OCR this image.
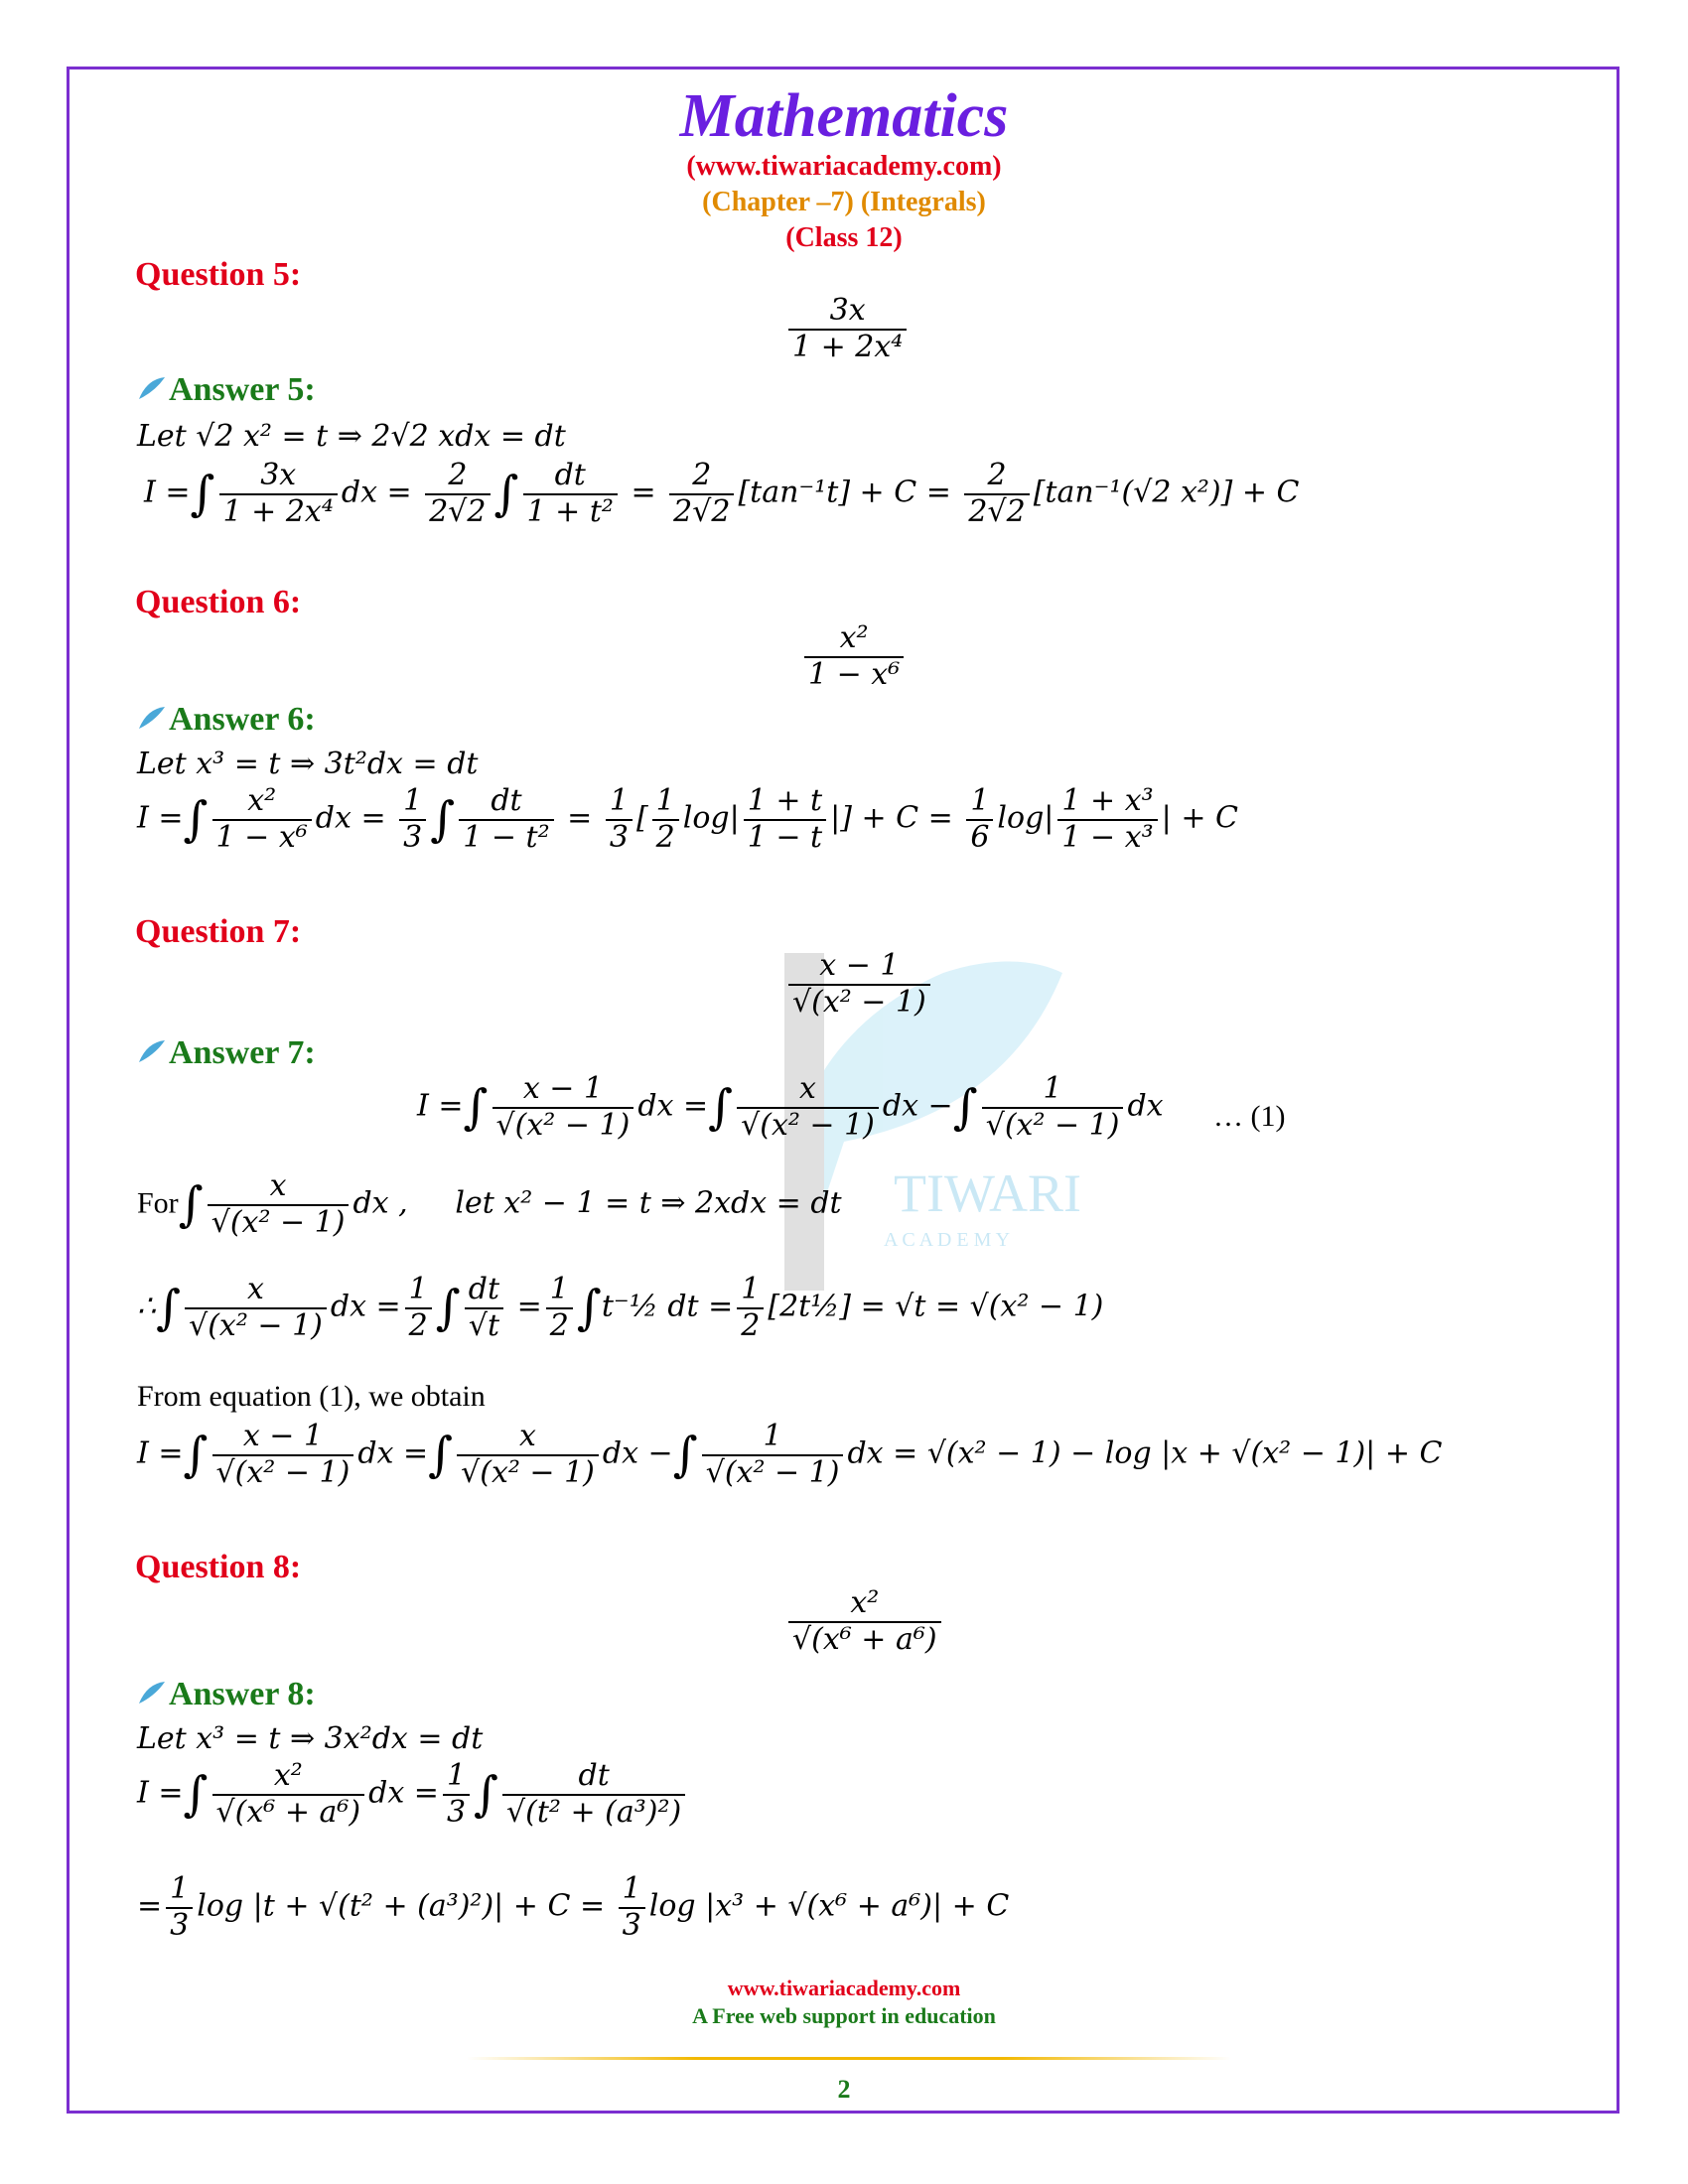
TIWARI
A C A D E M Y
Mathematics
(www.tiwariacademy.com)
(Chapter –7) (Integrals)
(Class 12)
Question 5:
$\frac{3x}{\text{1 + 2x⁴}}$
Answer 5:
Let √2 x² = t ⇒ 2√2 xdx = dt
I =∫ $\frac{3x}{\text{1 + 2x⁴}}$ dx = $\frac{2}{2√2}$ ∫ $\frac{dt}{\text{1 + t²}} = \frac{2}{2√2} [\tan^{-1}t] + C = \frac{2}{2√2} [\tan^{-1}(√2$ x²)] + C
Question 6:
$\frac{\text{x²}}{\text{1 − x⁶}}$
Answer 6:
Let x³ = t ⇒ 3t²dx = dt
I =∫ $\frac{\text{x²}}{\text{1 − x⁶}}$ dx = $\frac{1}{3}$ ∫ $\frac{dt}{\text{1 − t²}} = \frac{1}{3}$ [ $\frac{1}{2} \log| \frac{1 + t}{1 - t}$ |] + $C = \frac{1}{6} \log| \frac{\text{1 + x³}}{\text{1 − x³}}$ | + C
Question 7:
$\frac{x - 1}{\text{√(x² − 1)}}$
Answer 7:
I =∫ $\frac{x - 1}{\text{√(x² − 1)}}$ dx =∫ $\frac{x}{\text{√(x² − 1)}}$ dx −∫ $\frac{1}{\text{√(x² − 1)}}$ dx … (1)
$For\int \frac{x}{\text{√(x² − 1)}}$ dx ,     let x² − 1 = t ⇒ 2xdx = dt
∴∫ $\frac{x}{\text{√(x² − 1)}}$ dx = $\frac{1}{2}$ ∫ $\frac{dt}{√t} = \frac{1}{2}$ ∫t⁻½ dt = $\frac{1}{2}$ [2t½] = √t = √(x² − 1)
From equation (1), we obtain
I =∫ $\frac{x - 1}{\text{√(x² − 1)}}$ dx =∫ $\frac{x}{\text{√(x² − 1)}}$ dx −∫ $\frac{1}{\text{√(x² − 1)}}$ dx = √(x² − 1) − log |x + √(x² − 1)| + C
Question 8:
$\frac{\text{x²}}{\text{√(x⁶ + a⁶)}}$
Answer 8:
Let x³ = t ⇒ 3x²dx = dt
I =∫ $\frac{\text{x²}}{\text{√(x⁶ + a⁶)}}$ dx = $\frac{1}{3}$ ∫ $\frac{dt}{\text{√(t² + (a³)²)}}$
= $\frac{1}{3}$ $\log |t + √(t^2 + (a^3)^2)| + C = \frac{1}{3}$ log |x³ + √(x⁶ + a⁶)| + C
www.tiwariacademy.com
A Free web support in education
2
